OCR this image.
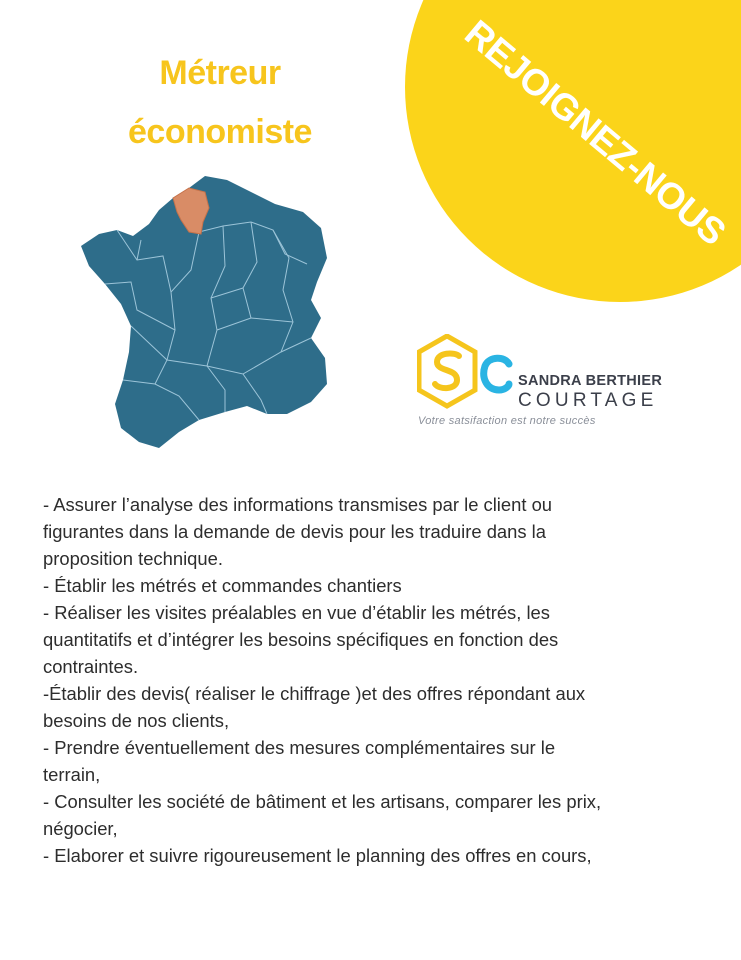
REJOIGNEZ-NOUS
Métreur
économiste
SANDRA BERTHIER
COURTAGE
Votre satsifaction est notre succès
- Assurer l’analyse des informations transmises par le client ou
figurantes dans la demande de devis pour les traduire dans la
proposition technique.
- Établir les métrés et commandes chantiers
- Réaliser les visites préalables en vue d’établir les métrés, les
quantitatifs et d’intégrer les besoins spécifiques en fonction des
contraintes.
-Établir des devis( réaliser le chiffrage )et des offres répondant aux
besoins de nos clients,
- Prendre éventuellement des mesures complémentaires sur le
terrain,
- Consulter les société de bâtiment et les artisans, comparer les prix,
négocier,
- Elaborer et suivre rigoureusement le planning des offres en cours,
